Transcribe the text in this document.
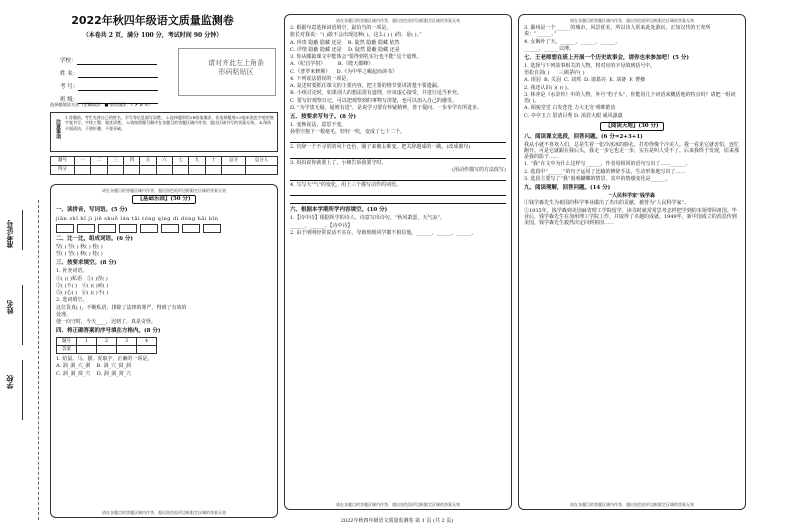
准考证号
姓名
学校
2022年秋四年级语文质量监测卷
（本卷共 2 页，满分 100 分，考试时间 90 分钟）
学校：
姓 名：
考 号：
班 级：
请对齐此左上角条形码粘贴区
选择题填涂方法（正确填涂：■ 错误填涂：✓ ✗ ⊘ ⊙）
注意事项
1.答题前，考生先将自己的姓名、学号等信息填写清楚。 2.选择题须用2B铅笔填涂，非选择题用0.5毫米黑色字迹的签字笔书写，字体工整、笔迹清楚。 3.请按照题号顺序在各题目的答题区域内作答，超出区域书写的答案无效。 4.保持卡面清洁，不要折叠，不要弄破。
题号	一	二	三	四	五	六	七	九	十	总分	总分人
得分											
请在各题目的答题区域内作答，超出黑色矩形边框限定区域的答案无效
【基础乐园】(50 分)
一、读拼音，写词语。(5 分)
jiān shī bǐ jì jiě shuō lún tāi tóng qíng dì dòng hǎi bīn
二、比一比，组成词语。(6 分)
坚( ) 竖( ) 秋( ) 桂( )
竖( ) 坚( ) 秋( ) 桂( )
三、按要求填空。(8 分)
1. 补充词语。
①( )( )私语 ②( )涅( )
③( )不( ) ④( )( )而( )
⑤( )心( ) ⑥( )( )不( )
2. 选词填空。
这位货真( )，不断私语，排除了法律的尊严，得到了有效的
处理。
他一向守时，今天____，迟到了，真是奇怪。
四、将正确答案的序号填在方格内。(8 分)
题号	1	2	3	4
答案				
1. 给鼠、马、猫、虎取字，正确的一项是。
A. 洞_洞_穴_洞 B. 洞_穴_窝_洞
C. 洞_洞_窝_穴 D. 洞_洞_窝_穴
请在各题目的答题区域内作答，超出黑色矩形边框限定区域的答案无效
请在各题目的答题区域内作答，超出黑色矩形边框限定区域的答案无效
2. 根据句意选择词语填空，最恰当的一项是。
旅长对我说：“( )敢不会出现这种( )，这么( ) ( )的，是( )。”
A. 珍贵 隐蔽 隐藏 还是 B. 陡然 隐蔽 隐藏 依然
C. 详情 隐蔽 隐藏 还是 D. 陡然 隐蔽 隐藏 还是
3. 你从哪篇课文中能体会“要得到乳实行也不能”这个道理。
A.《纪昌学射》	B.《爬天都峰》
C.《普罗米修斯》 D.《为中华之崛起而读书》
4. 下列说法错误的一项是。
A. 复述时要抓住课文的主要内容，把主要的情节要讲清楚不要遗漏。
B. 小组讨论时，如果别人的想法很有道理，应该虚心接受，并进行适当补充。
C. 要写好观察日记，可以把观察到的事物写清楚，也可以加入自己的感受。
D. “为学患无疑，疑则有进”，是说学习要有怀疑精神，善于提问、一步步学有所进步。
五、按要求写句子。(8 分)
1. 变换说法，意思不变。
孙悟空抱下一根毫毛，轻轻一吹，变成了七十二个。
2. 官辞一个不寻常的风十仓色，圈子来被太难变，把关辞越成的一跳。(改成被句)
3. 妈妈说你就要上了，小姨告诉我要守时。
(用动作描写的方法改写)
4. 写写大"气"的变化，用上三个描写动作的词语。
六、根据本学期所学内容填空。(10 分)
1.【诗中诗】根据所学的诗人、诗意写出诗句。“秋风萧瑟，天气凉”。
______，______。【诗中诗】
2. 由于明明经常说话不实在，导致班级同学都不相信他。______，______，______。
请在各题目的答题区域内作答，超出黑色矩形边框限定区域的答案无效
请在各题目的答题区域内作答，超出黑色矩形边框限定区域的答案无效
3. 滁州是一个______的城市，风景优美，所以诗人常来此处游玩，正如汉代的王充所说：“______。”
4. 女娲补了天，______，______，______。
______，______以博。
七、王老师想在班上开展一个历史故事会，请你也来参加吧！(5 分)
1. 选择与下列故事相关的人物。将对应的字母填到括号中。
语松自剑( ) 三顾茅庐( )
A. 项羽 B. 关羽 C. 刘邦 D. 诸葛亮 E. 刘备 F. 曹操
2. 我还认识( )( )( )。
3. 林冲是《水浒传》中的人物，外号“豹子头”，你能用几个词语来概括他的特点吗？请把一组词语( )。
A. 相貌堂堂 白发苍苍 力大无穷 明眸皓齿
C. 亭亭玉立 眉清目秀 D. 浓眉大眼 威风凛凛
【阅读天地】(30 分)
八、阅读课文选段，回答问题。(6 分=2+3+1)
我从小就不喜欢人们，总是生着一张冷冰冰的脸孔，打扮得像个冷美人。我一看见它就害怕，连忙跑开。可是它就跟在我后头，我走一步它也走一步，实在是叫人受不了。后来我终于发现，原来那是我的影子……
1. “我”在文中为什么这样写______，作者用相同的语句写出了……______。
2. 选段中“______”的句子运用了比喻的修辞手法，生动形象地写出了……
3. 选段主要写了“我”围观蝴蝶的情景，其中的情感变化是______。
九、阅读理解，回答问题。(14 分)
“人民科学家”钱学森
①钱学森先生为祖国的科学事业做出了杰出的贡献，被誉为“人民科学家”。
②1935年，钱学森到美国麻省理工学院留学，读书时就常常思考怎样把学到的本领带回祖国。毕业后，钱学森先生在加州理工学院工作，并取得了卓越的成就。1949年，新中国成立的消息传到美国，钱学森先生毅然决定回到祖国……
请在各题目的答题区域内作答，超出黑色矩形边框限定区域的答案无效
2022年秋四年级语文质量监测卷 第 1 页 (共 2 页)
